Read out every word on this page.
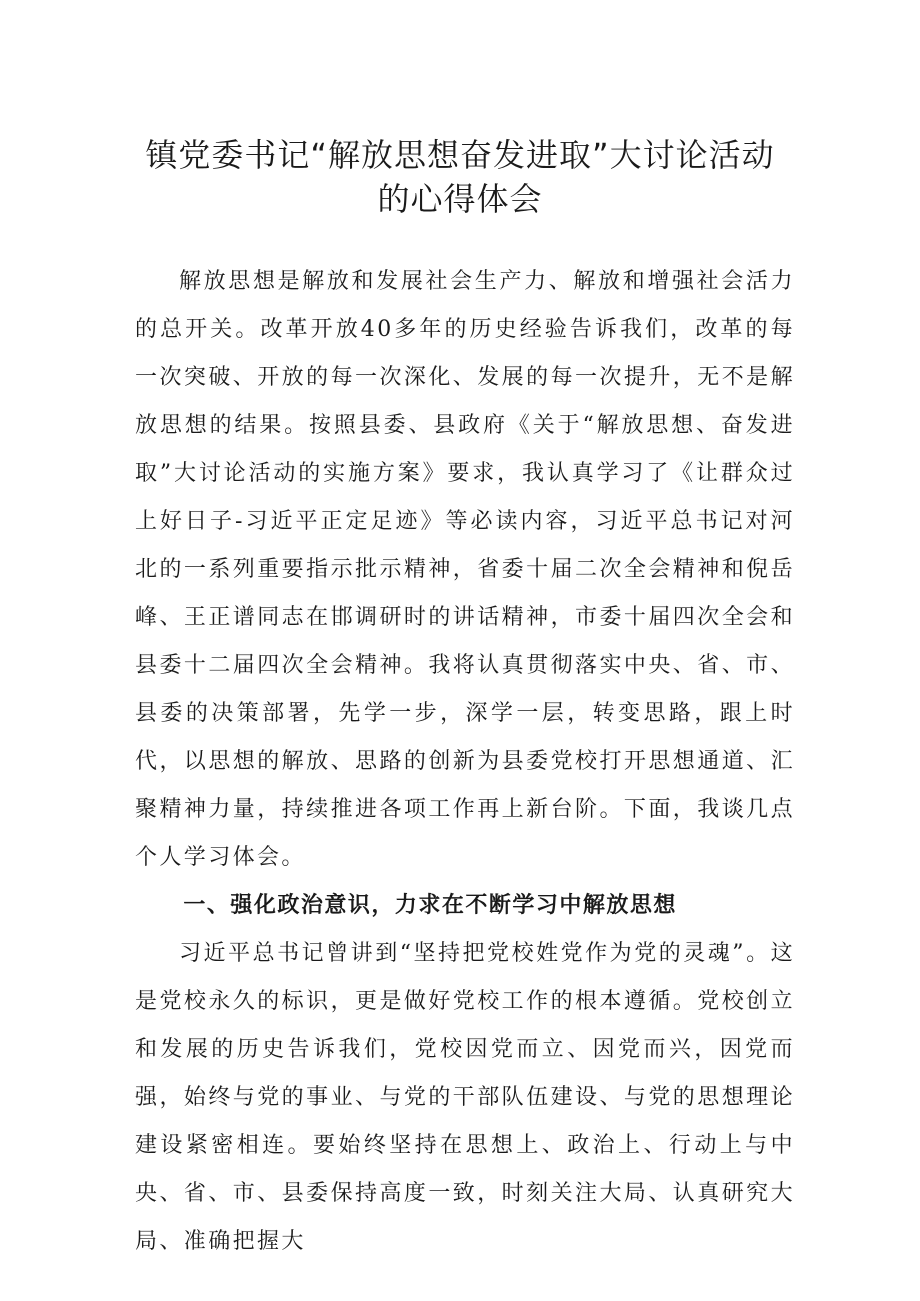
镇党委书记“解放思想奋发进取”大讨论活动
的心得体会

解放思想是解放和发展社会生产力、解放和增强社会活力的总开关。改革开放40多年的历史经验告诉我们，改革的每一次突破、开放的每一次深化、发展的每一次提升，无不是解放思想的结果。按照县委、县政府《关于“解放思想、奋发进取”大讨论活动的实施方案》要求，我认真学习了《让群众过上好日子-习近平正定足迹》等必读内容，习近平总书记对河北的一系列重要指示批示精神，省委十届二次全会精神和倪岳峰、王正谱同志在邯调研时的讲话精神，市委十届四次全会和县委十二届四次全会精神。我将认真贯彻落实中央、省、市、县委的决策部署，先学一步，深学一层，转变思路，跟上时代，以思想的解放、思路的创新为县委党校打开思想通道、汇聚精神力量，持续推进各项工作再上新台阶。下面，我谈几点个人学习体会。

一、强化政治意识，力求在不断学习中解放思想

习近平总书记曾讲到“坚持把党校姓党作为党的灵魂”。这是党校永久的标识，更是做好党校工作的根本遵循。党校创立和发展的历史告诉我们，党校因党而立、因党而兴，因党而强，始终与党的事业、与党的干部队伍建设、与党的思想理论建设紧密相连。要始终坚持在思想上、政治上、行动上与中央、省、市、县委保持高度一致，时刻关注大局、认真研究大局、准确把握大
